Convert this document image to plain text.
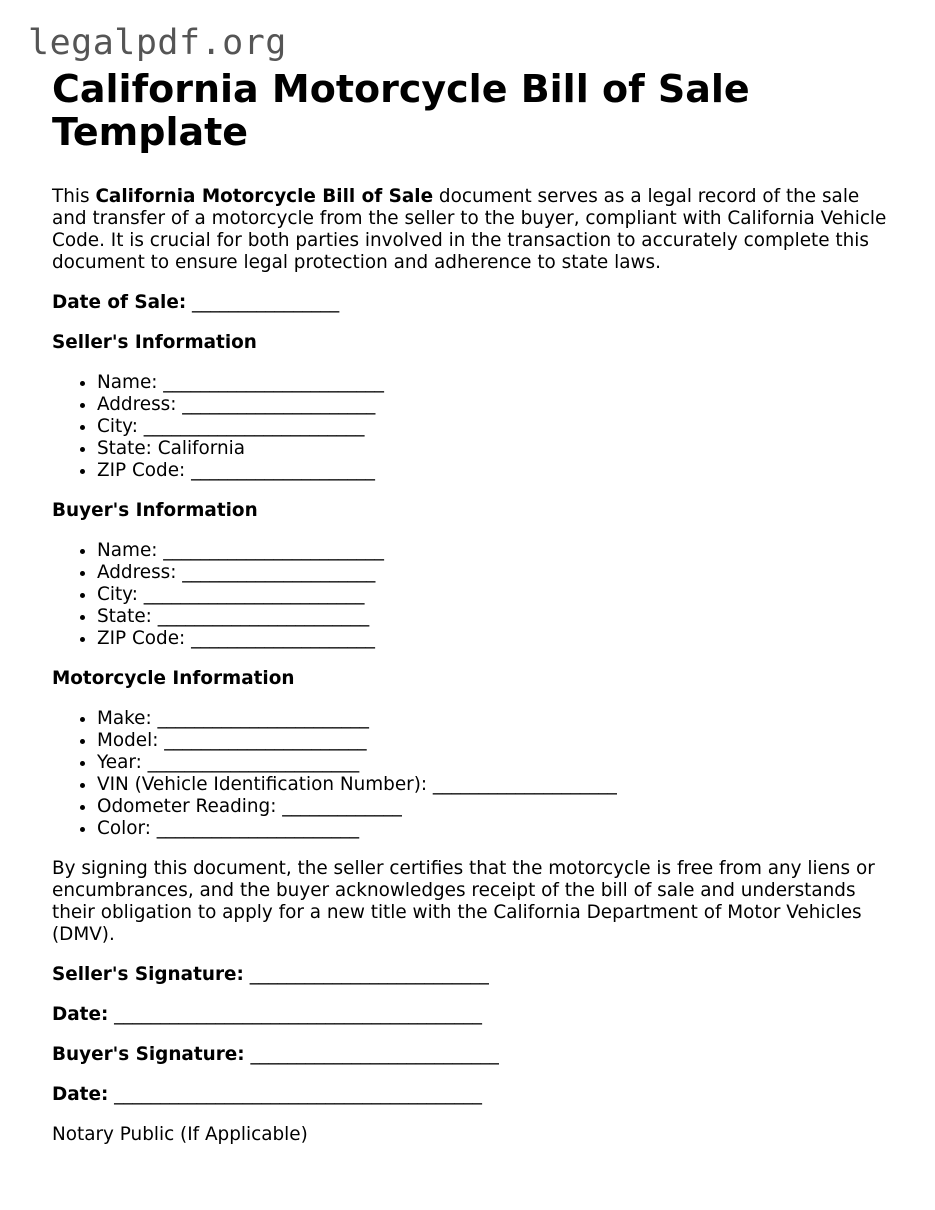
legalpdf.org
California Motorcycle Bill of Sale Template

This California Motorcycle Bill of Sale document serves as a legal record of the sale and transfer of a motorcycle from the seller to the buyer, compliant with California Vehicle Code. It is crucial for both parties involved in the transaction to accurately complete this document to ensure legal protection and adherence to state laws.

Date of Sale: ________________

Seller's Information

• Name: ________________________
• Address: _____________________
• City: ________________________
• State: California
• ZIP Code: ____________________

Buyer's Information

• Name: ________________________
• Address: _____________________
• City: ________________________
• State: _______________________
• ZIP Code: ____________________

Motorcycle Information

• Make: _______________________
• Model: ______________________
• Year: _______________________
• VIN (Vehicle Identification Number): ____________________
• Odometer Reading: _____________
• Color: ______________________

By signing this document, the seller certifies that the motorcycle is free from any liens or encumbrances, and the buyer acknowledges receipt of the bill of sale and understands their obligation to apply for a new title with the California Department of Motor Vehicles (DMV).

Seller's Signature: __________________________

Date: ________________________________________

Buyer's Signature: ___________________________

Date: ________________________________________

Notary Public (If Applicable)
